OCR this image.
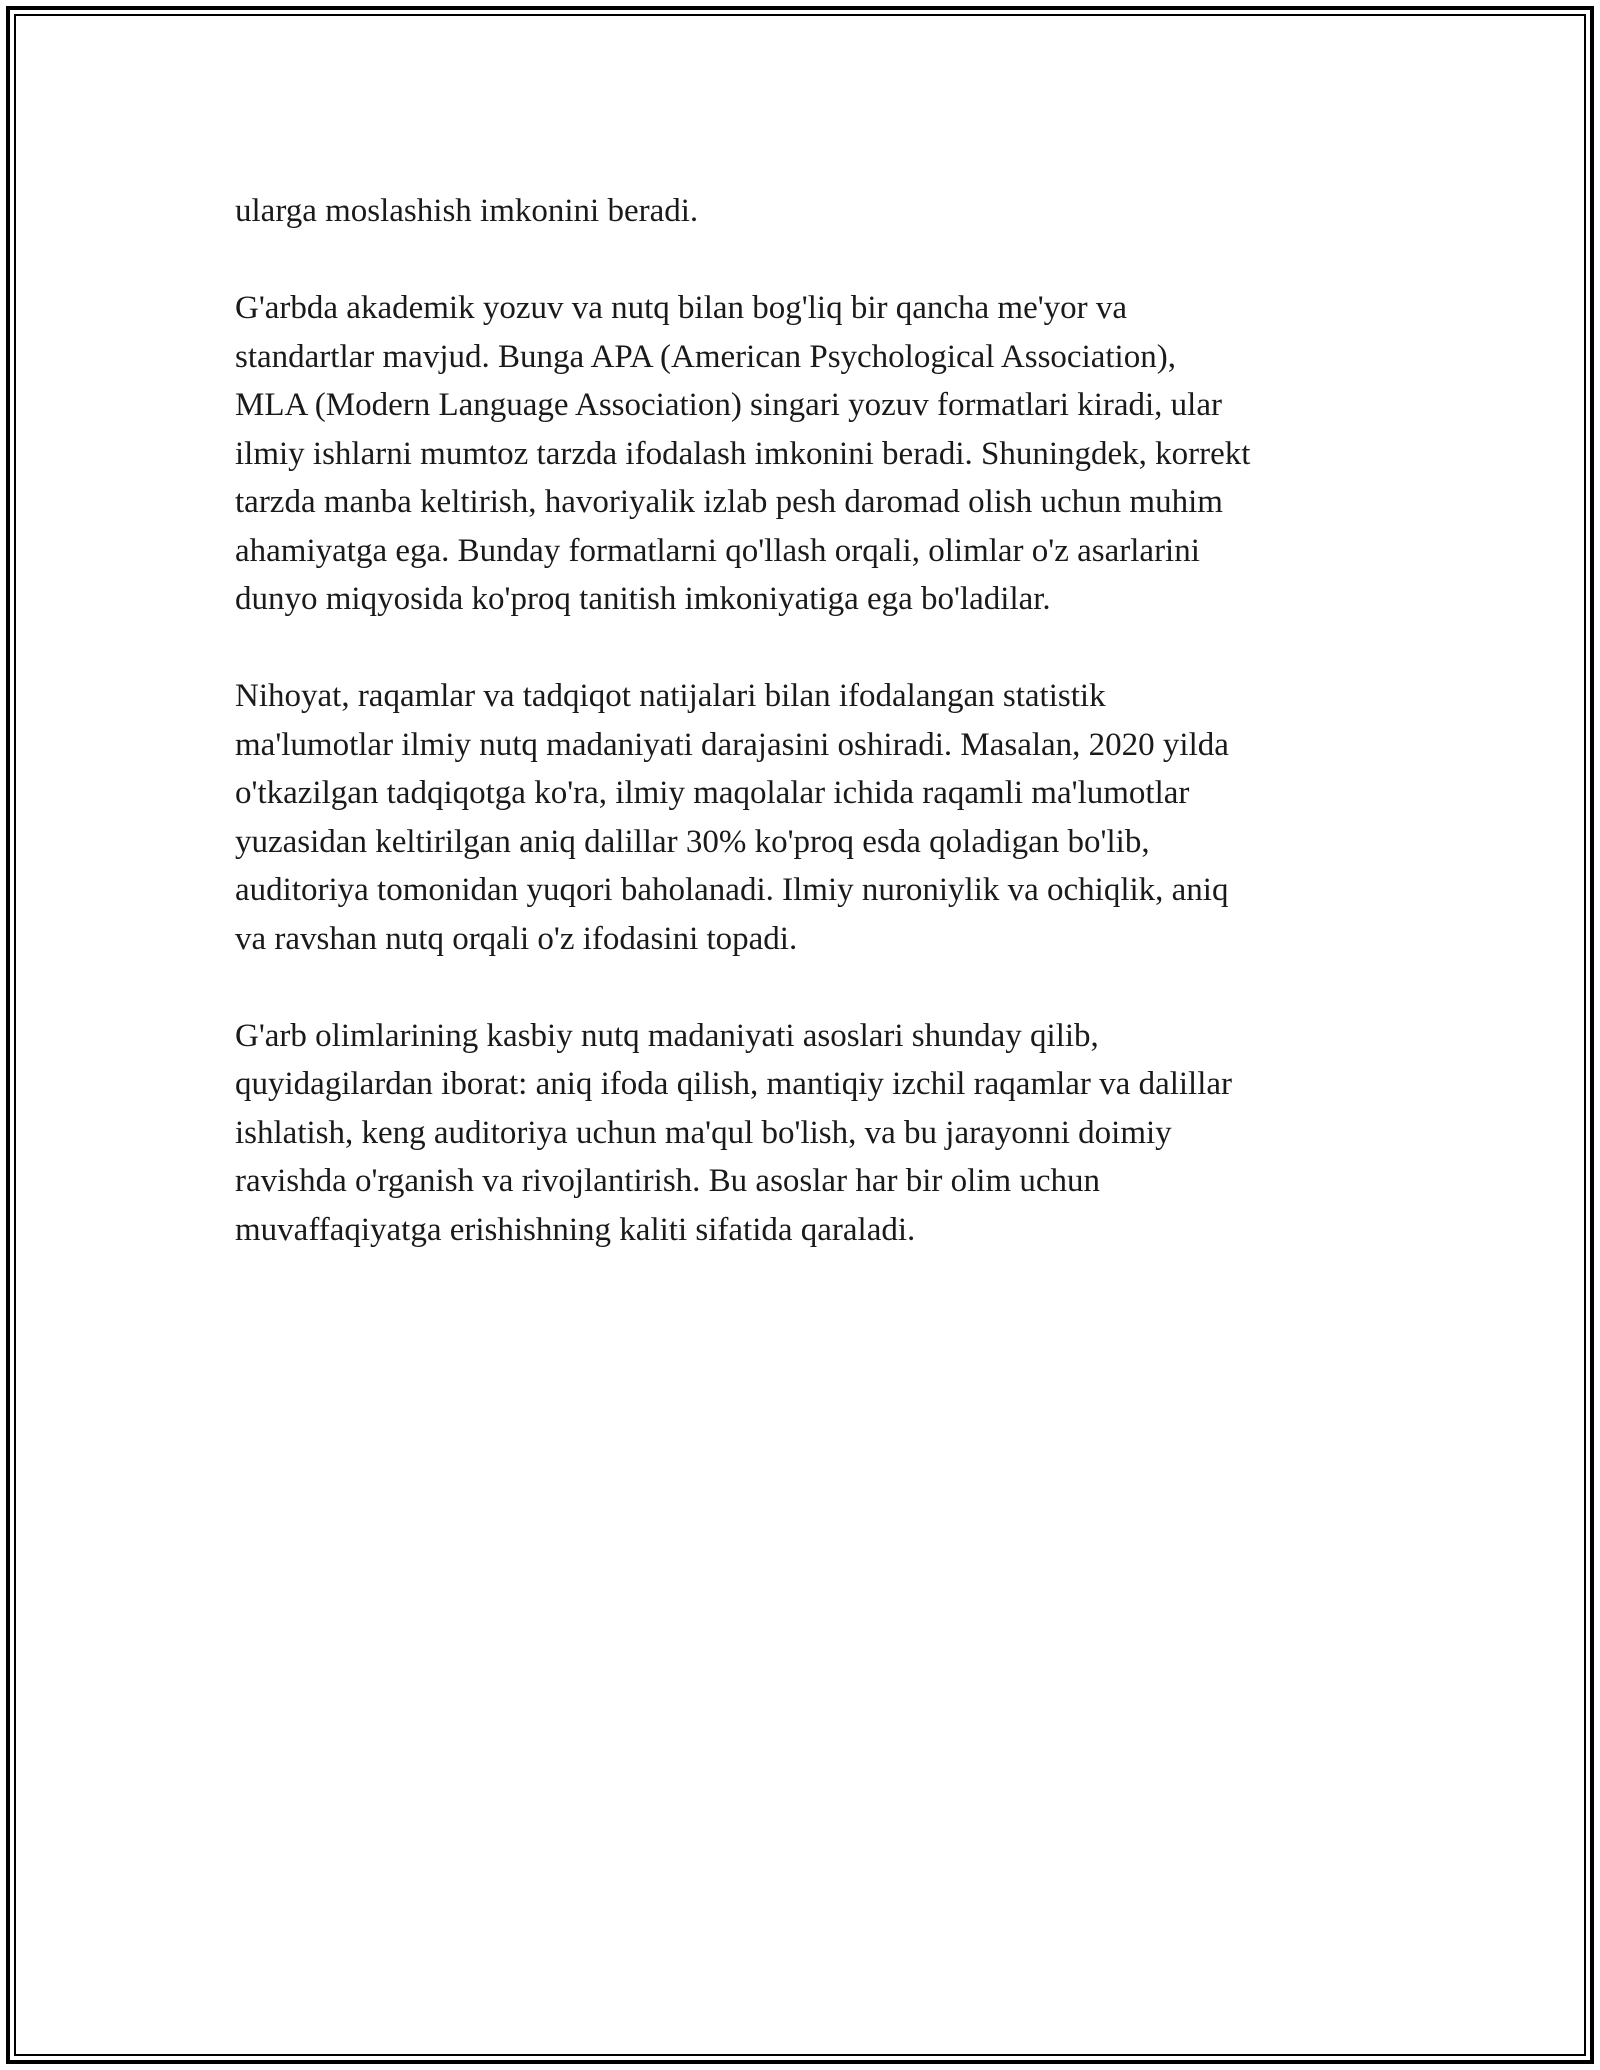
ularga moslashish imkonini beradi.
G'arbda akademik yozuv va nutq bilan bog'liq bir qancha me'yor va
standartlar mavjud. Bunga APA (American Psychological Association),
MLA (Modern Language Association) singari yozuv formatlari kiradi, ular
ilmiy ishlarni mumtoz tarzda ifodalash imkonini beradi. Shuningdek, korrekt
tarzda manba keltirish, havoriyalik izlab pesh daromad olish uchun muhim
ahamiyatga ega. Bunday formatlarni qo'llash orqali, olimlar o'z asarlarini
dunyo miqyosida ko'proq tanitish imkoniyatiga ega bo'ladilar.
Nihoyat, raqamlar va tadqiqot natijalari bilan ifodalangan statistik
ma'lumotlar ilmiy nutq madaniyati darajasini oshiradi. Masalan, 2020 yilda
o'tkazilgan tadqiqotga ko'ra, ilmiy maqolalar ichida raqamli ma'lumotlar
yuzasidan keltirilgan aniq dalillar 30% ko'proq esda qoladigan bo'lib,
auditoriya tomonidan yuqori baholanadi. Ilmiy nuroniylik va ochiqlik, aniq
va ravshan nutq orqali o'z ifodasini topadi.
G'arb olimlarining kasbiy nutq madaniyati asoslari shunday qilib,
quyidagilardan iborat: aniq ifoda qilish, mantiqiy izchil raqamlar va dalillar
ishlatish, keng auditoriya uchun ma'qul bo'lish, va bu jarayonni doimiy
ravishda o'rganish va rivojlantirish. Bu asoslar har bir olim uchun
muvaffaqiyatga erishishning kaliti sifatida qaraladi.
